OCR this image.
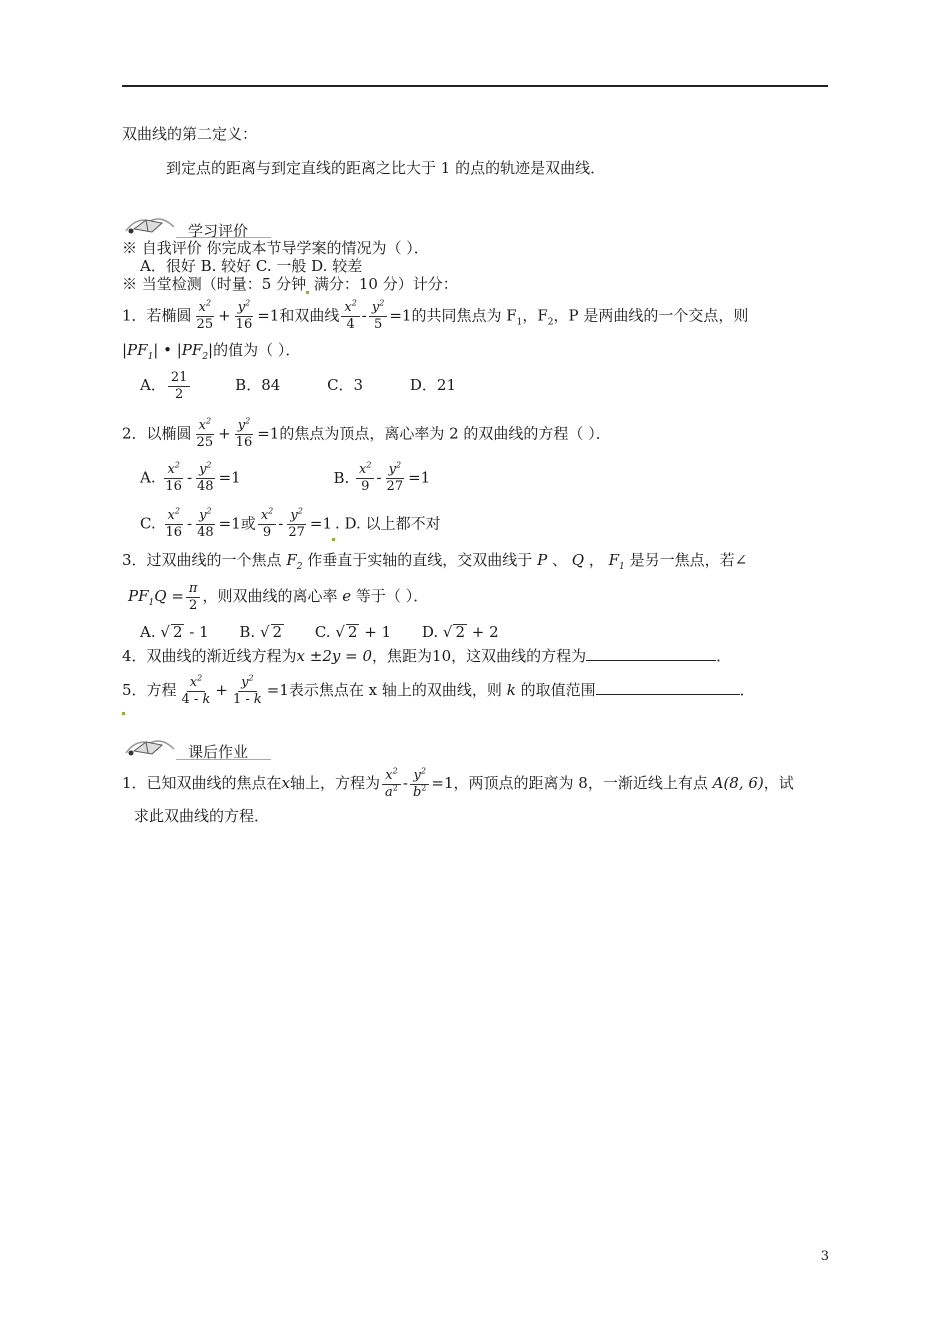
双曲线的第二定义：
到定点的距离与到定直线的距离之比大于 1 的点的轨迹是双曲线．
学习评价
※ 自我评价 你完成本节导学案的情况为（ ）．
A．很好 B. 较好 C. 一般 D. 较差
※ 当堂检测（时量：5 分钟 满分：10 分）计分：
1．若椭圆 $\frac{x^2}{25} + \frac{y^2}{16} =1$和双曲线 $\frac{x^2}{4} - \frac{y^2}{5} =1$的共同焦点为 $F_1$，$F_2$，P 是两曲线的一个交点，则
$|PF_1|$ • $|PF_2|$的值为（ ）．
A． $\frac{21}{2}$	B．84	C．3	D．21
2．以椭圆 $\frac{x^2}{25} + \frac{y^2}{16} =1$的焦点为顶点，离心率为 2 的双曲线的方程（ ）．
A. $\frac{x^2}{16} - \frac{y^2}{48} =1$	B. $\frac{x^2}{9} - \frac{y^2}{27} =1$
C. $\frac{x^2}{16} - \frac{y^2}{48} =1$或 $\frac{x^2}{9} - \frac{y^2}{27} =1$ . D. 以上都不对
3．过双曲线的一个焦点 $F_2$ 作垂直于实轴的直线，交双曲线于 P 、 Q ， $F_1$ 是另一焦点，若∠
$PF_1Q = \frac{\pi}{2}$ ，则双曲线的离心率 e 等于（ ）．
A. √ 2 - 1 B. √ 2 C. √ 2 + 1 D. √ 2 + 2
4．双曲线的渐近线方程为x ±2y = 0，焦距为10，这双曲线的方程为	．
5．方程 $\frac{x^2}{4 - k} + \frac{y^2}{1 - k} =1$表示焦点在 x 轴上的双曲线，则 k 的取值范围	．
课后作业
1．已知双曲线的焦点在x轴上，方程为 $\frac{x^2}{a^2} - \frac{y^2}{b^2} =1$，两顶点的距离为 8，一渐近线上有点 A(8, 6)，试
求此双曲线的方程．
3
